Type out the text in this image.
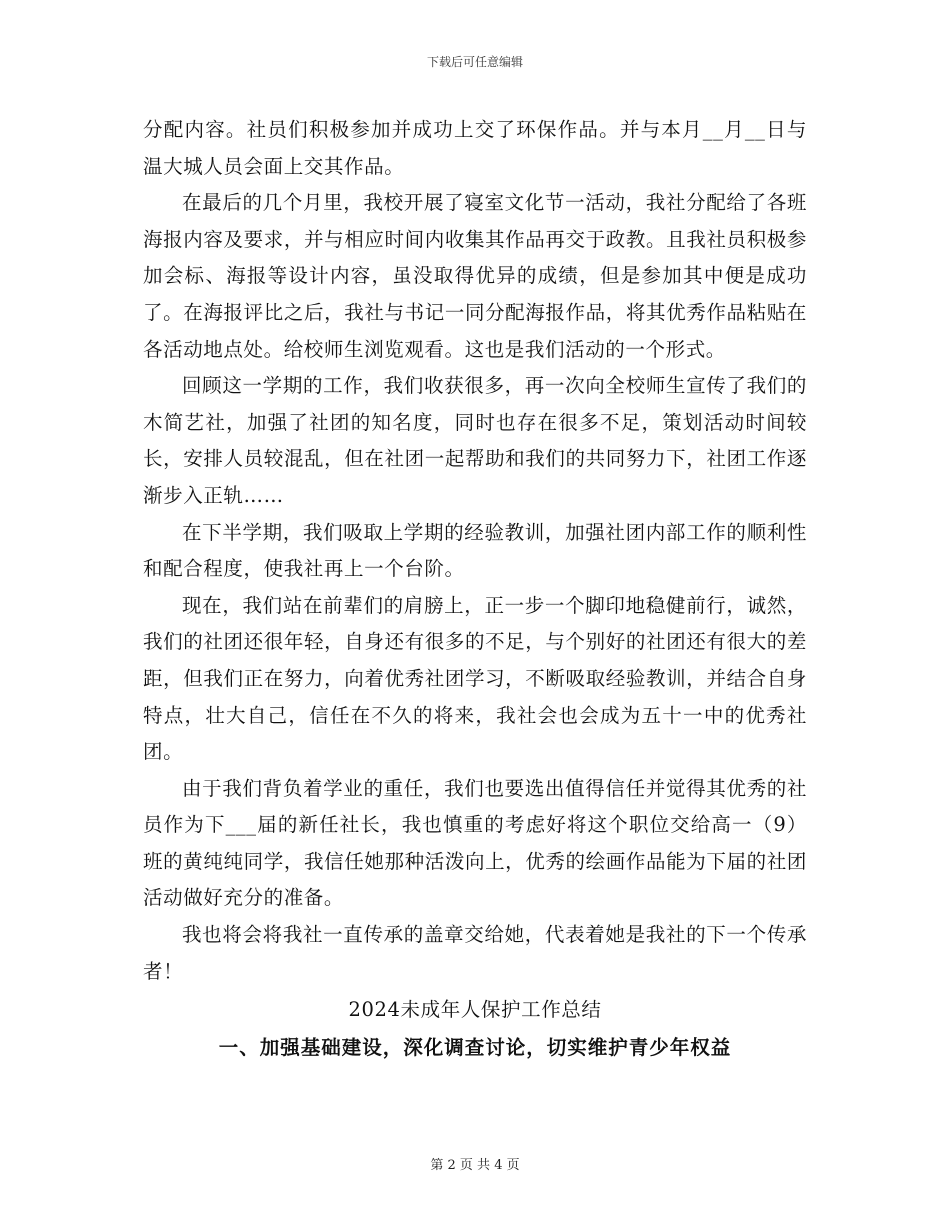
下载后可任意编辑

分配内容。社员们积极参加并成功上交了环保作品。并与本月__月__日与温大城人员会面上交其作品。

在最后的几个月里，我校开展了寝室文化节一活动，我社分配给了各班海报内容及要求，并与相应时间内收集其作品再交于政教。且我社员积极参加会标、海报等设计内容，虽没取得优异的成绩，但是参加其中便是成功了。在海报评比之后，我社与书记一同分配海报作品，将其优秀作品粘贴在各活动地点处。给校师生浏览观看。这也是我们活动的一个形式。

回顾这一学期的工作，我们收获很多，再一次向全校师生宣传了我们的木简艺社，加强了社团的知名度，同时也存在很多不足，策划活动时间较长，安排人员较混乱，但在社团一起帮助和我们的共同努力下，社团工作逐渐步入正轨……

在下半学期，我们吸取上学期的经验教训，加强社团内部工作的顺利性和配合程度，使我社再上一个台阶。

现在，我们站在前辈们的肩膀上，正一步一个脚印地稳健前行，诚然，我们的社团还很年轻，自身还有很多的不足，与个别好的社团还有很大的差距，但我们正在努力，向着优秀社团学习，不断吸取经验教训，并结合自身特点，壮大自己，信任在不久的将来，我社会也会成为五十一中的优秀社团。

由于我们背负着学业的重任，我们也要选出值得信任并觉得其优秀的社员作为下___届的新任社长，我也慎重的考虑好将这个职位交给高一（9）班的黄纯纯同学，我信任她那种活泼向上，优秀的绘画作品能为下届的社团活动做好充分的准备。

我也将会将我社一直传承的盖章交给她，代表着她是我社的下一个传承者！

2024未成年人保护工作总结
一、加强基础建设，深化调查讨论，切实维护青少年权益
第 2 页 共 4 页
